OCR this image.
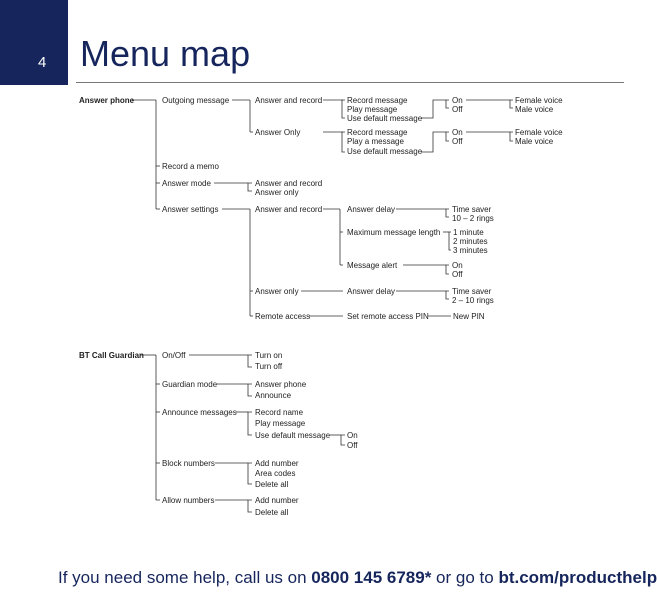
4 Menu map
Answer phone	Outgoing message	Answer and record	Record message
Play message
Use default message
On
Off
Female voice
Male voice
Answer Only	Record message
Play a message
Use default message
On
Off
Female voice
Male voice
Record a memo
Answer mode	Answer and record
Answer only
Answer settings	Answer and record	Answer delay	Time saver
10 – 2 rings
Maximum message length 1 minute
2 minutes
3 minutes
Message alert	On
Off
Answer only	Answer delay	Time saver
2 – 10 rings
Remote access	Set remote access PIN	New PIN
BT Call Guardian On/Off	Turn on
Turn off
Guardian mode	Answer phone
Announce
Announce messages Record name
Play message
Use default message On
Off
Block numbers	Add number
Area codes
Delete all
Allow numbers	Add number
Delete all
If you need some help, call us on 0800 145 6789* or go to bt.com/producthelp
